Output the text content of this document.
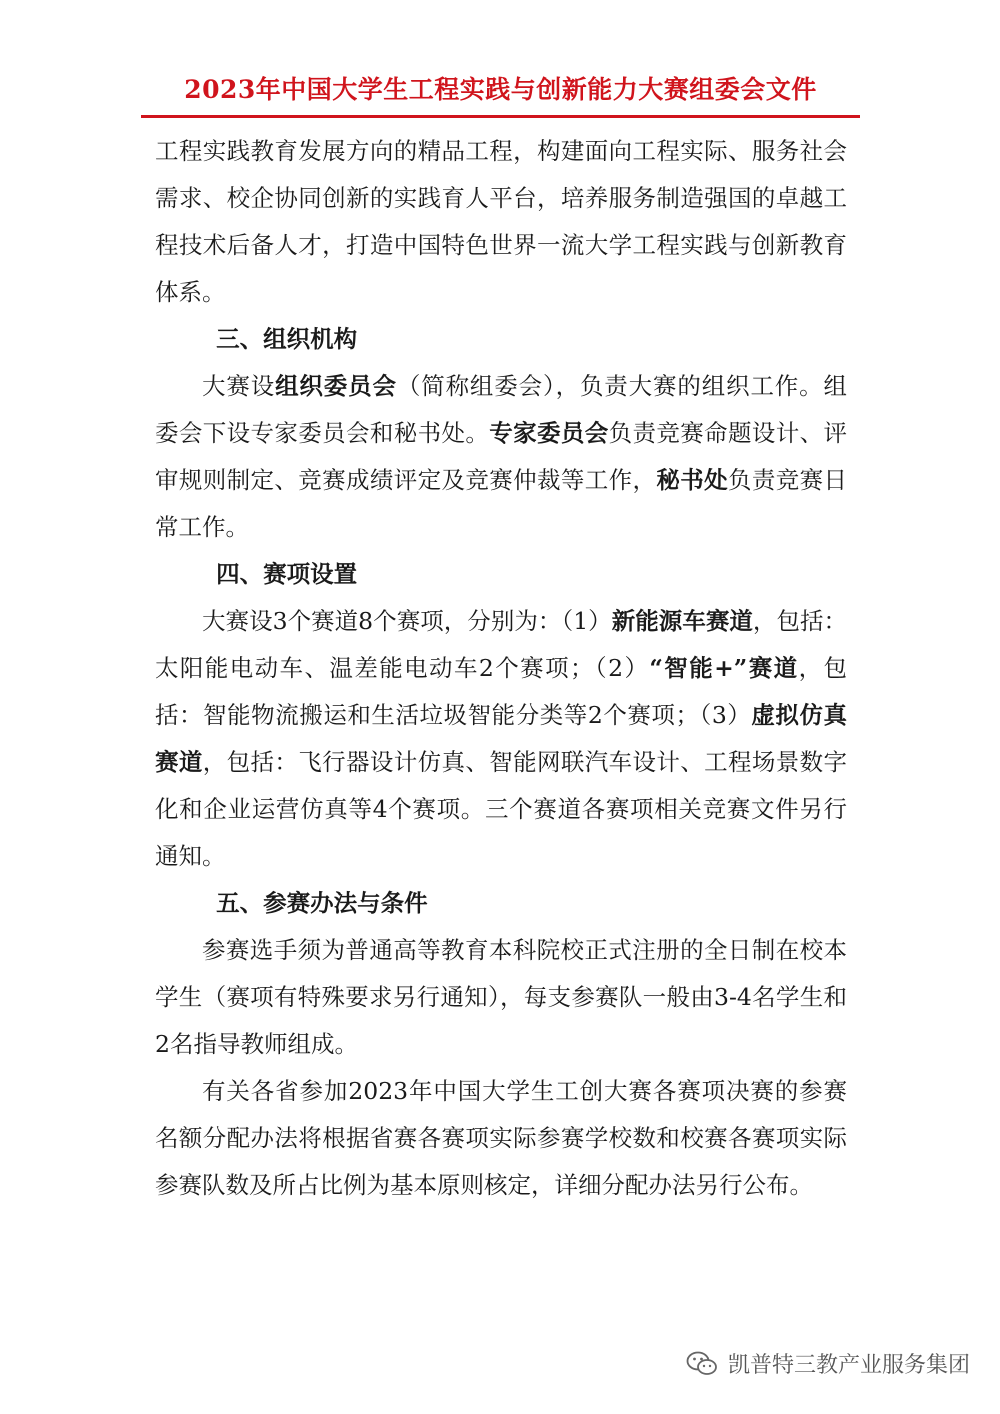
2023年中国大学生工程实践与创新能力大赛组委会文件

工程实践教育发展方向的精品工程，构建面向工程实际、服务社会需求、校企协同创新的实践育人平台，培养服务制造强国的卓越工程技术后备人才，打造中国特色世界一流大学工程实践与创新教育体系。

三、组织机构

大赛设组织委员会（简称组委会），负责大赛的组织工作。组委会下设专家委员会和秘书处。专家委员会负责竞赛命题设计、评审规则制定、竞赛成绩评定及竞赛仲裁等工作，秘书处负责竞赛日常工作。

四、赛项设置

大赛设3个赛道8个赛项，分别为：（1）新能源车赛道，包括：太阳能电动车、温差能电动车2个赛项；（2）“智能+”赛道，包括：智能物流搬运和生活垃圾智能分类等2个赛项；（3）虚拟仿真赛道，包括：飞行器设计仿真、智能网联汽车设计、工程场景数字化和企业运营仿真等4个赛项。三个赛道各赛项相关竞赛文件另行通知。

五、参赛办法与条件

参赛选手须为普通高等教育本科院校正式注册的全日制在校本学生（赛项有特殊要求另行通知），每支参赛队一般由3-4名学生和2名指导教师组成。

有关各省参加2023年中国大学生工创大赛各赛项决赛的参赛名额分配办法将根据省赛各赛项实际参赛学校数和校赛各赛项实际参赛队数及所占比例为基本原则核定，详细分配办法另行公布。

凯普特三教产业服务集团
